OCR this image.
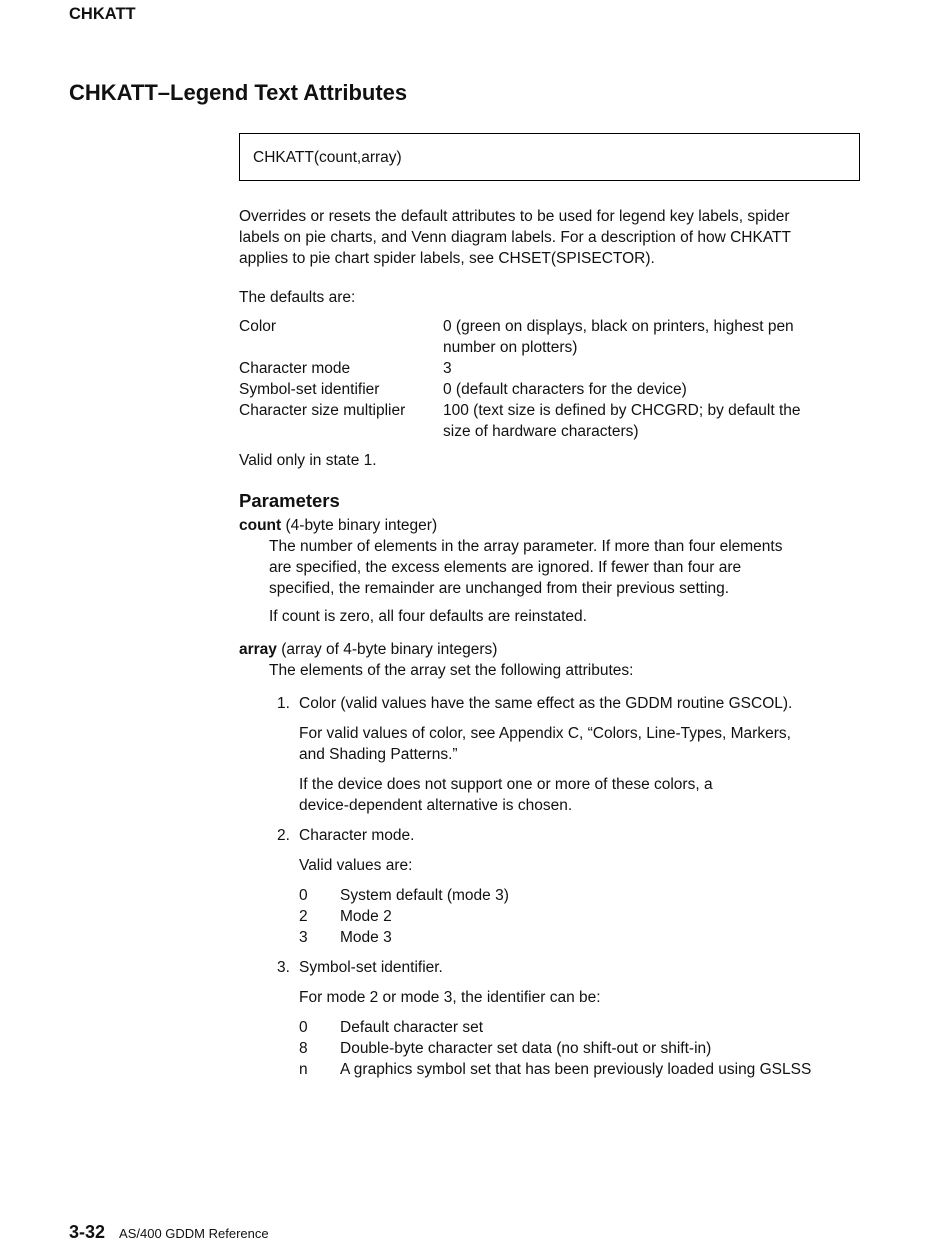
CHKATT
CHKATT–Legend Text Attributes
CHKATT(count,array)
Overrides or resets the default attributes to be used for legend key labels, spider
labels on pie charts, and Venn diagram labels. For a description of how CHKATT
applies to pie chart spider labels, see CHSET(SPISECTOR).
The defaults are:
Color	0 (green on displays, black on printers, highest pen
number on plotters)
Character mode	3
Symbol-set identifier	0 (default characters for the device)
Character size multiplier 100 (text size is defined by CHCGRD; by default the
size of hardware characters)
Valid only in state 1.
Parameters
count (4-byte binary integer)
The number of elements in the array parameter. If more than four elements
are specified, the excess elements are ignored. If fewer than four are
specified, the remainder are unchanged from their previous setting.
If count is zero, all four defaults are reinstated.
array (array of 4-byte binary integers)
The elements of the array set the following attributes:
1. Color (valid values have the same effect as the GDDM routine GSCOL).
For valid values of color, see Appendix C, “Colors, Line-Types, Markers,
and Shading Patterns.”
If the device does not support one or more of these colors, a
device-dependent alternative is chosen.
2. Character mode.
Valid values are:
0 System default (mode 3)
2 Mode 2
3 Mode 3
3. Symbol-set identifier.
For mode 2 or mode 3, the identifier can be:
0 Default character set
8 Double-byte character set data (no shift-out or shift-in)
n A graphics symbol set that has been previously loaded using GSLSS
3-32 AS/400 GDDM Reference
